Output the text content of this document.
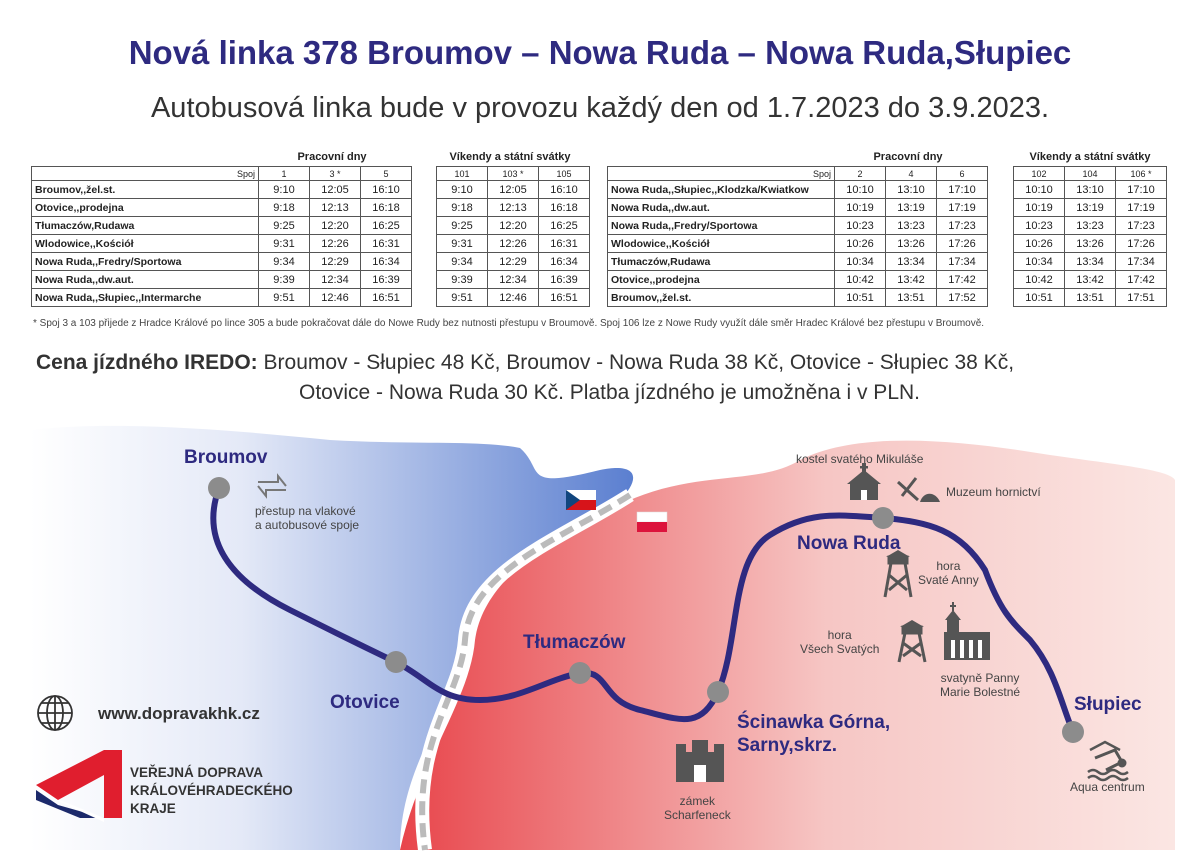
Nová linka 378 Broumov – Nowa Ruda – Nowa Ruda,Słupiec
Autobusová linka bude v provozu každý den od 1.7.2023 do 3.9.2023.
Pracovní dny	Víkendy a státní svátky	Pracovní dny	Víkendy a státní svátky
Spoj	1	3 *	5
Broumov,,žel.st.	9:10	12:05	16:10
Otovice,,prodejna	9:18	12:13	16:18
Tłumaczów,Rudawa	9:25	12:20	16:25
Wlodowice,,Kościół	9:31	12:26	16:31
Nowa Ruda,,Fredry/Sportowa	9:34	12:29	16:34
Nowa Ruda,,dw.aut.	9:39	12:34	16:39
Nowa Ruda,,Słupiec,,Intermarche	9:51	12:46	16:51
101	103 *	105
9:10	12:05	16:10
9:18	12:13	16:18
9:25	12:20	16:25
9:31	12:26	16:31
9:34	12:29	16:34
9:39	12:34	16:39
9:51	12:46	16:51
Spoj	2	4	6
Nowa Ruda,,Słupiec,,Klodzka/Kwiatkow	10:10	13:10	17:10
Nowa Ruda,,dw.aut.	10:19	13:19	17:19
Nowa Ruda,,Fredry/Sportowa	10:23	13:23	17:23
Wlodowice,,Kościół	10:26	13:26	17:26
Tłumaczów,Rudawa	10:34	13:34	17:34
Otovice,,prodejna	10:42	13:42	17:42
Broumov,,žel.st.	10:51	13:51	17:52
102	104	106 *
10:10	13:10	17:10
10:19	13:19	17:19
10:23	13:23	17:23
10:26	13:26	17:26
10:34	13:34	17:34
10:42	13:42	17:42
10:51	13:51	17:51
* Spoj 3 a 103 přijede z Hradce Králové po lince 305 a bude pokračovat dále do Nowe Rudy bez nutnosti přestupu v Broumově. Spoj 106 lze z Nowe Rudy využít dále směr Hradec Králové bez přestupu v Broumově.
Cena jízdného IREDO: Broumov - Słupiec 48 Kč, Broumov - Nowa Ruda 38 Kč, Otovice - Słupiec 38 Kč,
Otovice - Nowa Ruda 30 Kč. Platba jízdného je umožněna i v PLN.
Broumov
přestup na vlakové
a autobusové spoje
Otovice
Tłumaczów
Ścinawka Górna,
Sarny,skrz.
Nowa Ruda
Słupiec
kostel svatého Mikuláše
Muzeum hornictví
hora
Svaté Anny
hora
Všech Svatých
svatyně Panny
Marie Bolestné
zámek
Scharfeneck
Aqua centrum
www.dopravakhk.cz
VEŘEJNÁ DOPRAVA
KRÁLOVÉHRADECKÉHO
KRAJE
